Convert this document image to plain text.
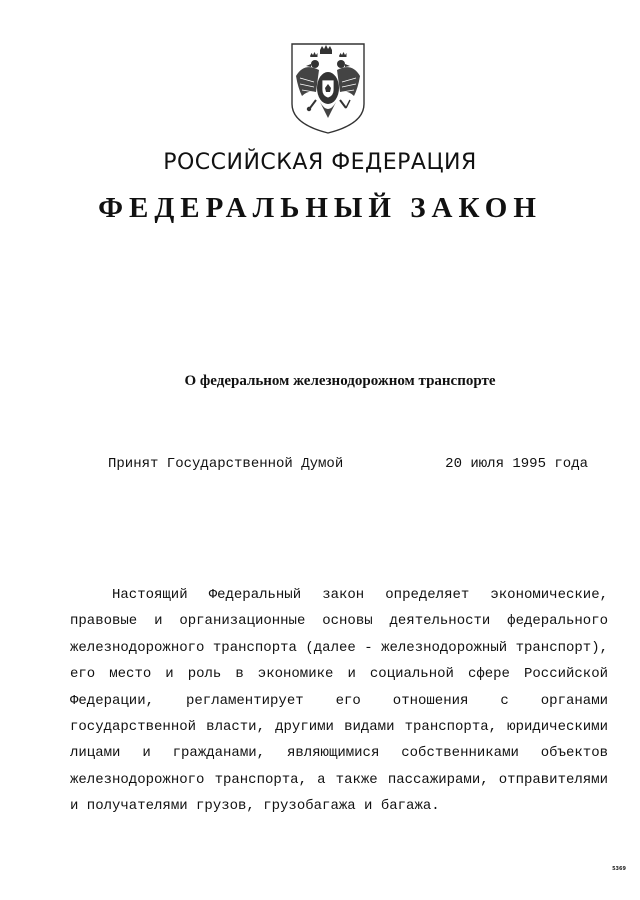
РОССИЙСКАЯ ФЕДЕРАЦИЯ
ФЕДЕРАЛЬНЫЙ ЗАКОН
О федеральном железнодорожном транспорте
Принят Государственной Думой	20 июля 1995 года

Настоящий Федеральный закон определяет экономические, правовые и организационные основы деятельности федерального железнодорожного транспорта (далее - железнодорожный транспорт), его место и роль в экономике и социальной сфере Российской Федерации, регламентирует его отношения с органами государственной власти, другими видами транспорта, юридическими лицами и гражданами, являющимися собственниками объектов железнодорожного транспорта, а также пассажирами, отправителями и получателями грузов, грузобагажа и багажа.

5369
